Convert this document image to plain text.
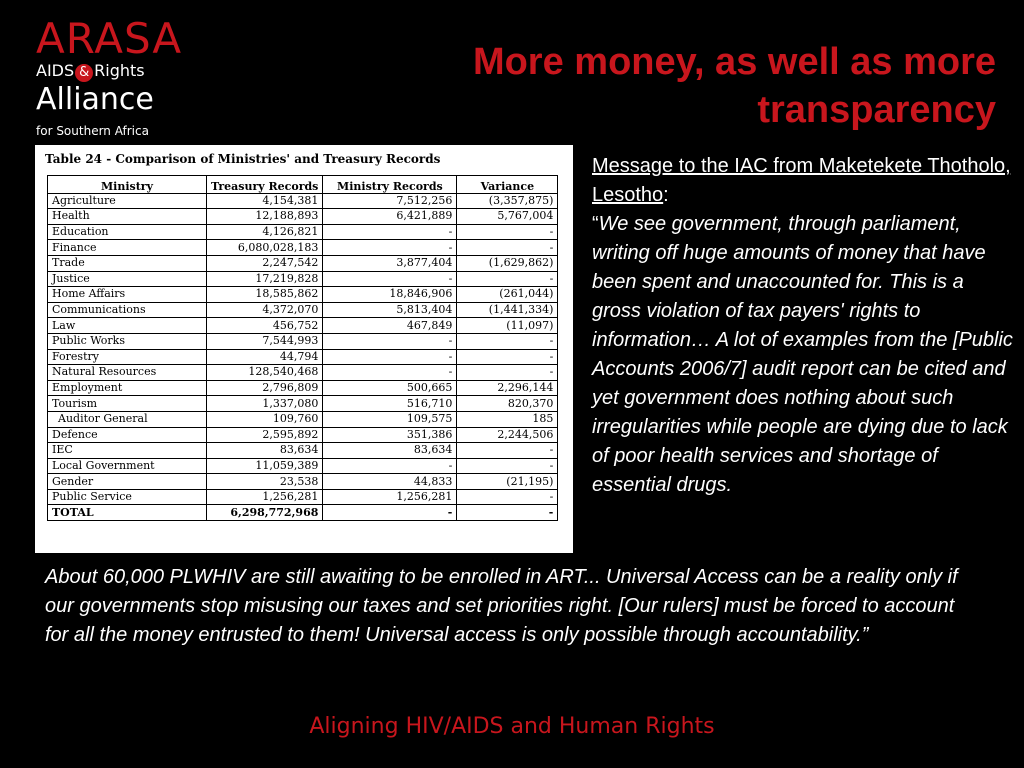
ARASA
AIDS & Rights
Alliance
for Southern Africa
More money, as well as more transparency
Table 24 - Comparison of Ministries' and Treasury Records
Ministry	Treasury Records	Ministry Records	Variance
Agriculture	4,154,381	7,512,256	(3,357,875)
Health	12,188,893	6,421,889	5,767,004
Education	4,126,821	-	-
Finance	6,080,028,183	-	-
Trade	2,247,542	3,877,404	(1,629,862)
Justice	17,219,828	-	-
Home Affairs	18,585,862	18,846,906	(261,044)
Communications	4,372,070	5,813,404	(1,441,334)
Law	456,752	467,849	(11,097)
Public Works	7,544,993	-	-
Forestry	44,794	-	-
Natural Resources	128,540,468	-	-
Employment	2,796,809	500,665	2,296,144
Tourism	1,337,080	516,710	820,370
Auditor General	109,760	109,575	185
Defence	2,595,892	351,386	2,244,506
IEC	83,634	83,634	-
Local Government	11,059,389	-	-
Gender	23,538	44,833	(21,195)
Public Service	1,256,281	1,256,281	-
TOTAL	6,298,772,968	-	-
Message to the IAC from Maketekete Thotholo, Lesotho:
“We see government, through parliament, writing off huge amounts of money that have been spent and unaccounted for. This is a gross violation of tax payers' rights to information… A lot of examples from the [Public Accounts 2006/7] audit report can be cited and yet government does nothing about such irregularities while people are dying due to lack of poor health services and shortage of essential drugs.
About 60,000 PLWHIV are still awaiting to be enrolled in ART... Universal Access can be a reality only if our governments stop misusing our taxes and set priorities right. [Our rulers] must be forced to account for all the money entrusted to them! Universal access is only possible through accountability.”
Aligning HIV/AIDS and Human Rights
